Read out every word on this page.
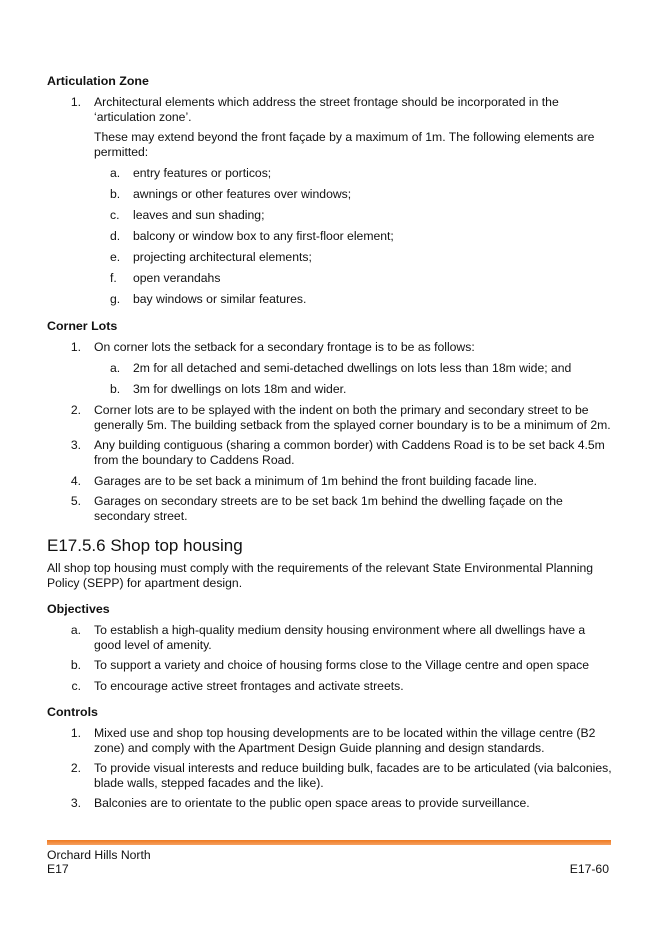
Articulation Zone
1. Architectural elements which address the street frontage should be incorporated in the ‘articulation zone’.
These may extend beyond the front façade by a maximum of 1m. The following elements are permitted:
a. entry features or porticos;
b. awnings or other features over windows;
c. leaves and sun shading;
d. balcony or window box to any first-floor element;
e. projecting architectural elements;
f. open verandahs
g. bay windows or similar features.
Corner Lots
1. On corner lots the setback for a secondary frontage is to be as follows:
a. 2m for all detached and semi-detached dwellings on lots less than 18m wide; and
b. 3m for dwellings on lots 18m and wider.
2. Corner lots are to be splayed with the indent on both the primary and secondary street to be generally 5m. The building setback from the splayed corner boundary is to be a minimum of 2m.
3. Any building contiguous (sharing a common border) with Caddens Road is to be set back 4.5m from the boundary to Caddens Road.
4. Garages are to be set back a minimum of 1m behind the front building facade line.
5. Garages on secondary streets are to be set back 1m behind the dwelling façade on the secondary street.
E17.5.6 Shop top housing
All shop top housing must comply with the requirements of the relevant State Environmental Planning Policy (SEPP) for apartment design.
Objectives
a. To establish a high-quality medium density housing environment where all dwellings have a good level of amenity.
b. To support a variety and choice of housing forms close to the Village centre and open space
c. To encourage active street frontages and activate streets.
Controls
1. Mixed use and shop top housing developments are to be located within the village centre (B2 zone) and comply with the Apartment Design Guide planning and design standards.
2. To provide visual interests and reduce building bulk, facades are to be articulated (via balconies, blade walls, stepped facades and the like).
3. Balconies are to orientate to the public open space areas to provide surveillance.
Orchard Hills North
E17	E17-60
